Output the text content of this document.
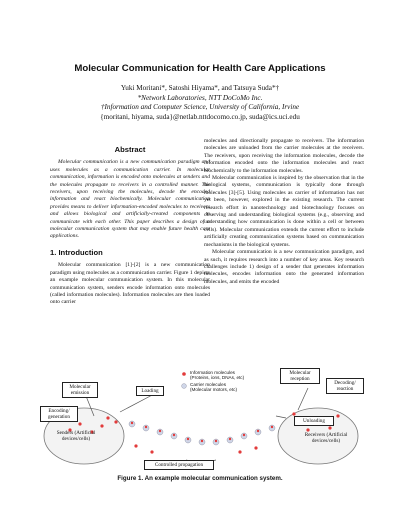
Molecular Communication for Health Care Applications
Yuki Moritani*, Satoshi Hiyama*, and Tatsuya Suda*†
*Network Laboratories, NTT DoCoMo Inc.
†Information and Computer Science, University of California, Irvine
{moritani, hiyama, suda}@netlab.nttdocomo.co.jp, suda@ics.uci.edu
Abstract

Molecular communication is a new communication paradigm and uses molecules as a communication carrier. In molecular communication, information is encoded onto molecules at senders and the molecules propagate to receivers in a controlled manner. The receivers, upon receiving the molecules, decode the encoded information and react biochemically. Molecular communication provides means to deliver information-encoded molecules to receivers and allows biological and artificially-created components to communicate with each other. This paper describes a design of a molecular communication system that may enable future health care applications.

1. Introduction

Molecular communication [1]-[2] is a new communication paradigm using molecules as a communication carrier. Figure 1 depicts an example molecular communication system. In this molecular communication system, senders encode information onto molecules (called information molecules). Information molecules are then loaded onto carrier

molecules and directionally propagate to receivers. The information molecules are unloaded from the carrier molecules at the receivers. The receivers, upon receiving the information molecules, decode the information encoded onto the information molecules and react biochemically to the information molecules.

Molecular communication is inspired by the observation that in the biological systems, communication is typically done through molecules [3]-[5]. Using molecules as carrier of information has not yet been, however, explored in the existing research. The current research effort in nanotechnology and biotechnology focuses on observing and understanding biological systems (e.g., observing and understanding how communication is done within a cell or between cells). Molecular communication extends the current effort to include artificially creating communication systems based on communication mechanisms in the biological systems.

Molecular communication is a new communication paradigm, and as such, it requires research into a number of key areas. Key research challenges include 1) design of a sender that generates information molecules, encodes information onto the generated information molecules, and emits the encoded

Information molecules
(Proteins, ions, DNAs, etc)
Carrier molecules
(Molecular motors, etc)
Molecular emission
Encoding/ generation
Loading
Senders (Artificial devices/cells)
Controlled propagation
Molecular reception
Decoding/ reaction
Unloading
Receivers (Artificial devices/cells)
Figure 1. An example molecular communication system.
